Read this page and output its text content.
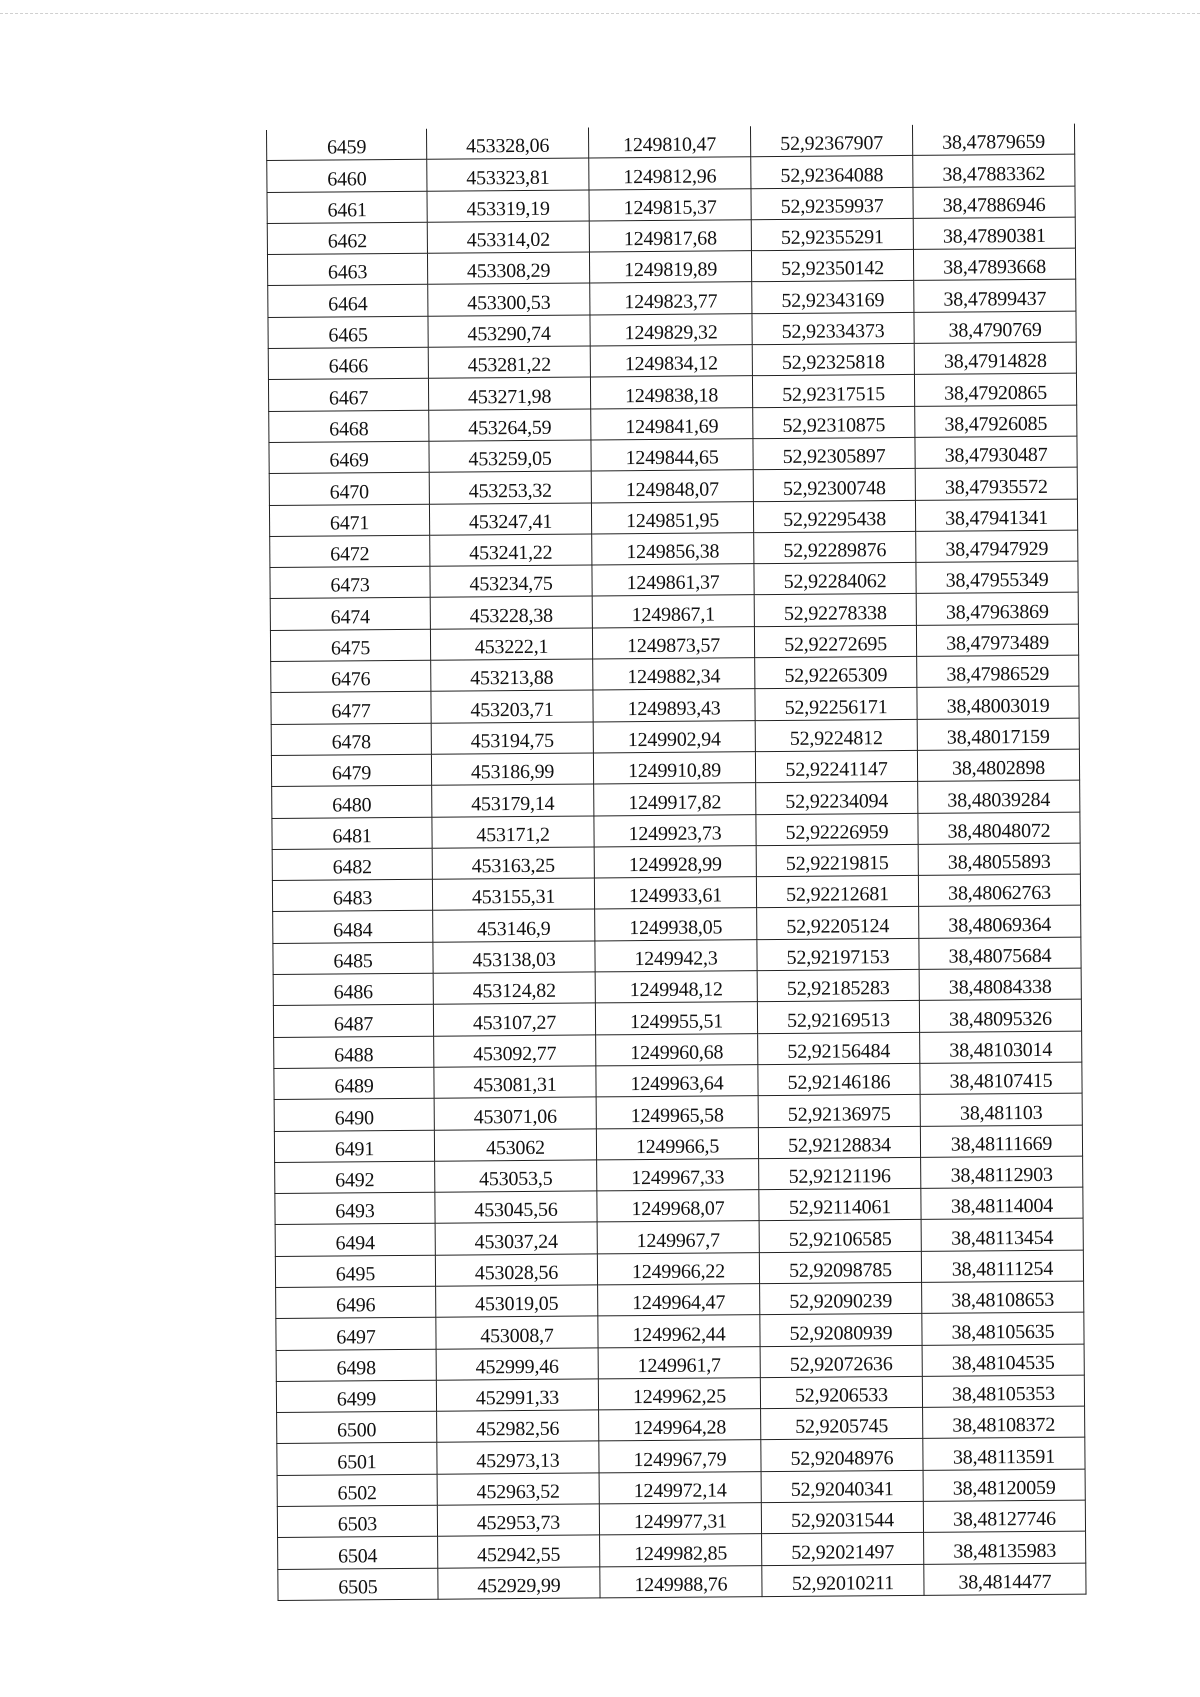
6459	453328,06	1249810,47	52,92367907	38,47879659
6460	453323,81	1249812,96	52,92364088	38,47883362
6461	453319,19	1249815,37	52,92359937	38,47886946
6462	453314,02	1249817,68	52,92355291	38,47890381
6463	453308,29	1249819,89	52,92350142	38,47893668
6464	453300,53	1249823,77	52,92343169	38,47899437
6465	453290,74	1249829,32	52,92334373	38,4790769
6466	453281,22	1249834,12	52,92325818	38,47914828
6467	453271,98	1249838,18	52,92317515	38,47920865
6468	453264,59	1249841,69	52,92310875	38,47926085
6469	453259,05	1249844,65	52,92305897	38,47930487
6470	453253,32	1249848,07	52,92300748	38,47935572
6471	453247,41	1249851,95	52,92295438	38,47941341
6472	453241,22	1249856,38	52,92289876	38,47947929
6473	453234,75	1249861,37	52,92284062	38,47955349
6474	453228,38	1249867,1	52,92278338	38,47963869
6475	453222,1	1249873,57	52,92272695	38,47973489
6476	453213,88	1249882,34	52,92265309	38,47986529
6477	453203,71	1249893,43	52,92256171	38,48003019
6478	453194,75	1249902,94	52,9224812	38,48017159
6479	453186,99	1249910,89	52,92241147	38,4802898
6480	453179,14	1249917,82	52,92234094	38,48039284
6481	453171,2	1249923,73	52,92226959	38,48048072
6482	453163,25	1249928,99	52,92219815	38,48055893
6483	453155,31	1249933,61	52,92212681	38,48062763
6484	453146,9	1249938,05	52,92205124	38,48069364
6485	453138,03	1249942,3	52,92197153	38,48075684
6486	453124,82	1249948,12	52,92185283	38,48084338
6487	453107,27	1249955,51	52,92169513	38,48095326
6488	453092,77	1249960,68	52,92156484	38,48103014
6489	453081,31	1249963,64	52,92146186	38,48107415
6490	453071,06	1249965,58	52,92136975	38,481103
6491	453062	1249966,5	52,92128834	38,48111669
6492	453053,5	1249967,33	52,92121196	38,48112903
6493	453045,56	1249968,07	52,92114061	38,48114004
6494	453037,24	1249967,7	52,92106585	38,48113454
6495	453028,56	1249966,22	52,92098785	38,48111254
6496	453019,05	1249964,47	52,92090239	38,48108653
6497	453008,7	1249962,44	52,92080939	38,48105635
6498	452999,46	1249961,7	52,92072636	38,48104535
6499	452991,33	1249962,25	52,9206533	38,48105353
6500	452982,56	1249964,28	52,9205745	38,48108372
6501	452973,13	1249967,79	52,92048976	38,48113591
6502	452963,52	1249972,14	52,92040341	38,48120059
6503	452953,73	1249977,31	52,92031544	38,48127746
6504	452942,55	1249982,85	52,92021497	38,48135983
6505	452929,99	1249988,76	52,92010211	38,4814477
